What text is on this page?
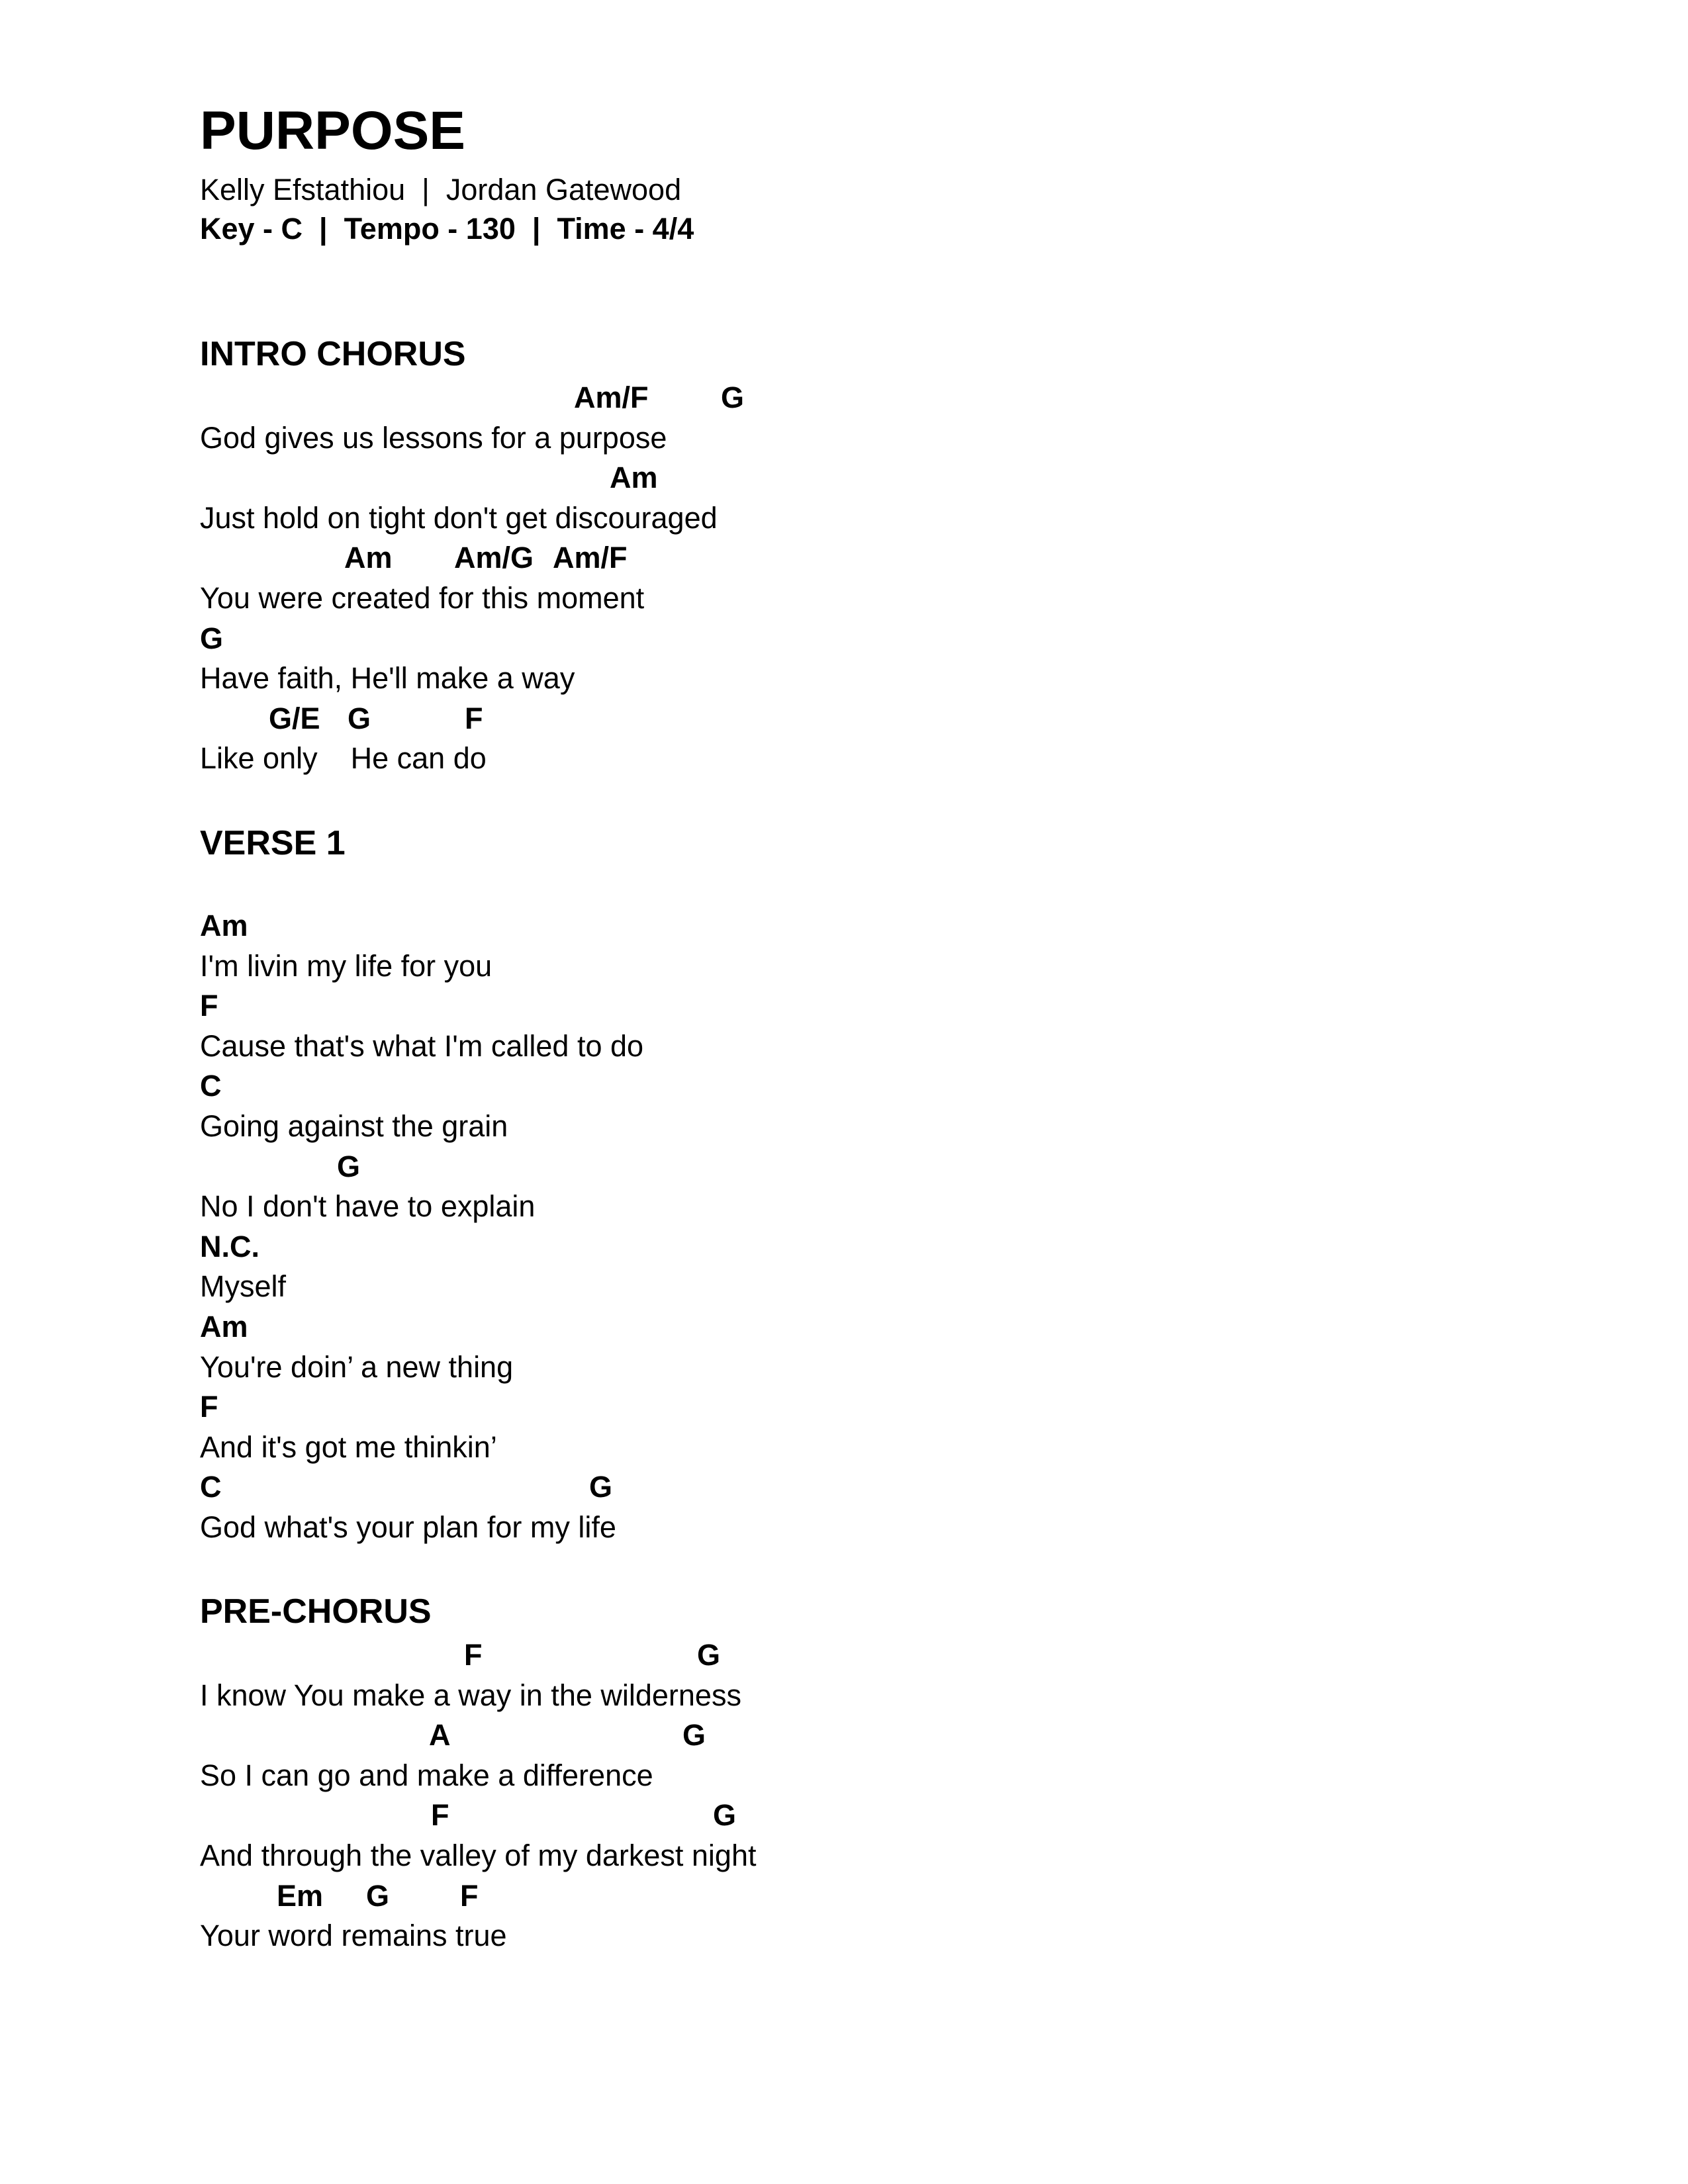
PURPOSE
Kelly Efstathiou  |  Jordan Gatewood
Key - C  |  Tempo - 130  |  Time - 4/4
INTRO CHORUS
Am/F G
God gives us lessons for a purpose
Am
Just hold on tight don't get discouraged
Am Am/G Am/F
You were created for this moment
G
Have faith, He'll make a way
G/E G	F
Like only    He can do
VERSE 1
Am
I'm livin my life for you
F
Cause that's what I'm called to do
C
Going against the grain
G
No I don't have to explain
N.C.
Myself
Am
You're doin’ a new thing
F
And it's got me thinkin’
C	G
God what's your plan for my life
PRE-CHORUS
F	G
I know You make a way in the wilderness
A	G
So I can go and make a difference
F	G
And through the valley of my darkest night
Em G F
Your word remains true
